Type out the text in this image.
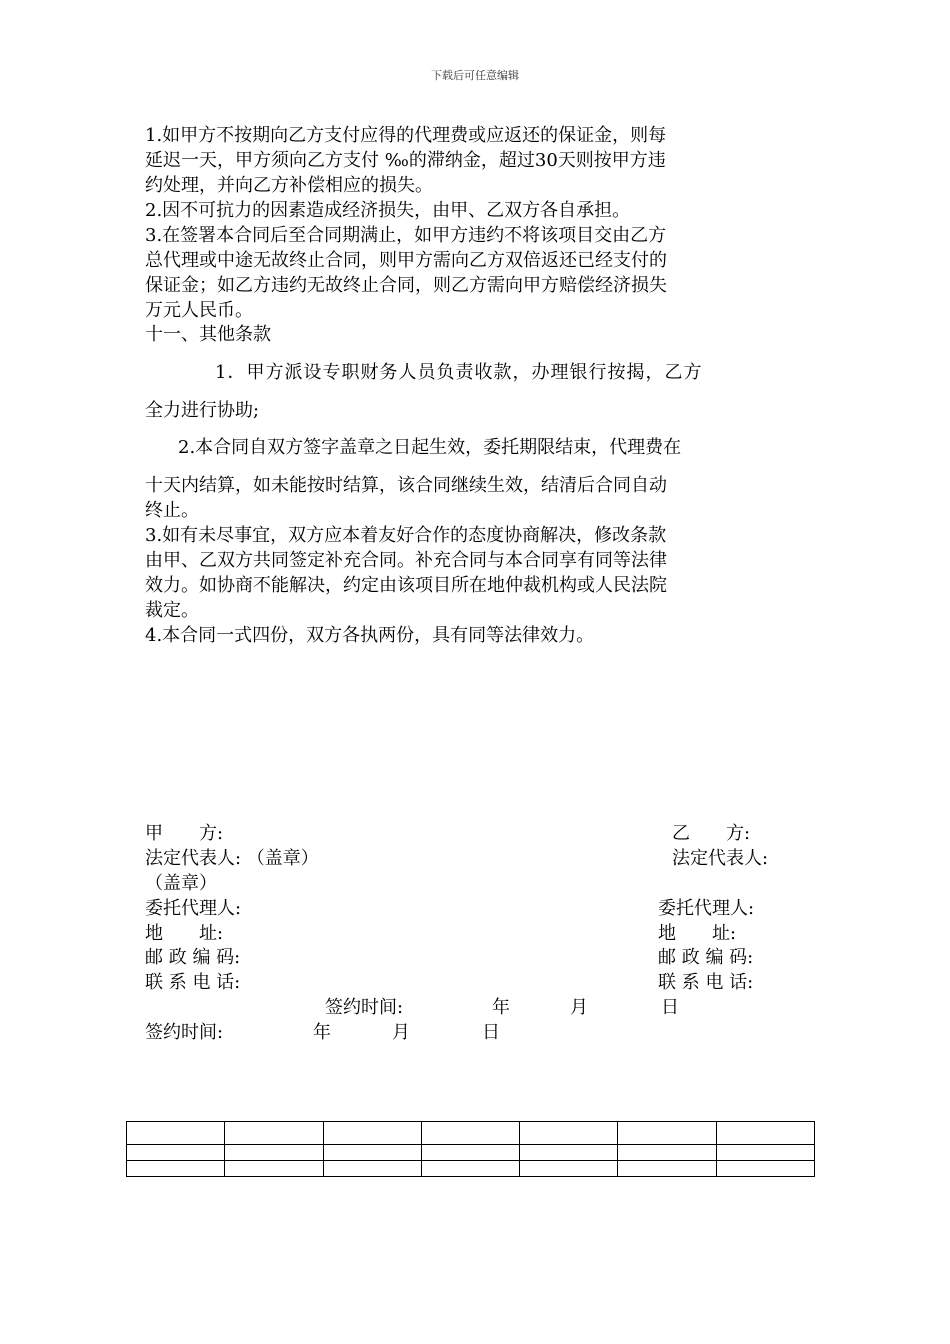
下载后可任意编辑
1.如甲方不按期向乙方支付应得的代理费或应返还的保证金，则每
延迟一天，甲方须向乙方支付 ‰的滞纳金，超过30天则按甲方违
约处理，并向乙方补偿相应的损失。
2.因不可抗力的因素造成经济损失，由甲、乙双方各自承担。
3.在签署本合同后至合同期满止，如甲方违约不将该项目交由乙方
总代理或中途无故终止合同，则甲方需向乙方双倍返还已经支付的
保证金；如乙方违约无故终止合同，则乙方需向甲方赔偿经济损失
万元人民币。
十一、其他条款
1．甲方派设专职财务人员负责收款，办理银行按揭，乙方
全力进行协助;
2.本合同自双方签字盖章之日起生效，委托期限结束，代理费在
十天内结算，如未能按时结算，该合同继续生效，结清后合同自动
终止。
3.如有未尽事宜，双方应本着友好合作的态度协商解决，修改条款
由甲、乙双方共同签定补充合同。补充合同与本合同享有同等法律
效力。如协商不能解决，约定由该项目所在地仲裁机构或人民法院
裁定。
4.本合同一式四份，双方各执两份，具有同等法律效力。
甲　　方:	乙　　方:
法定代表人: （盖章）	法定代表人:
（盖章）
委托代理人:	委托代理人:
地　　址:	地　　址:
邮 政 编 码:	邮 政 编 码:
联 系 电 话:	联 系 电 话:
签约时间:	年	月	日
签约时间:	年	月	日
